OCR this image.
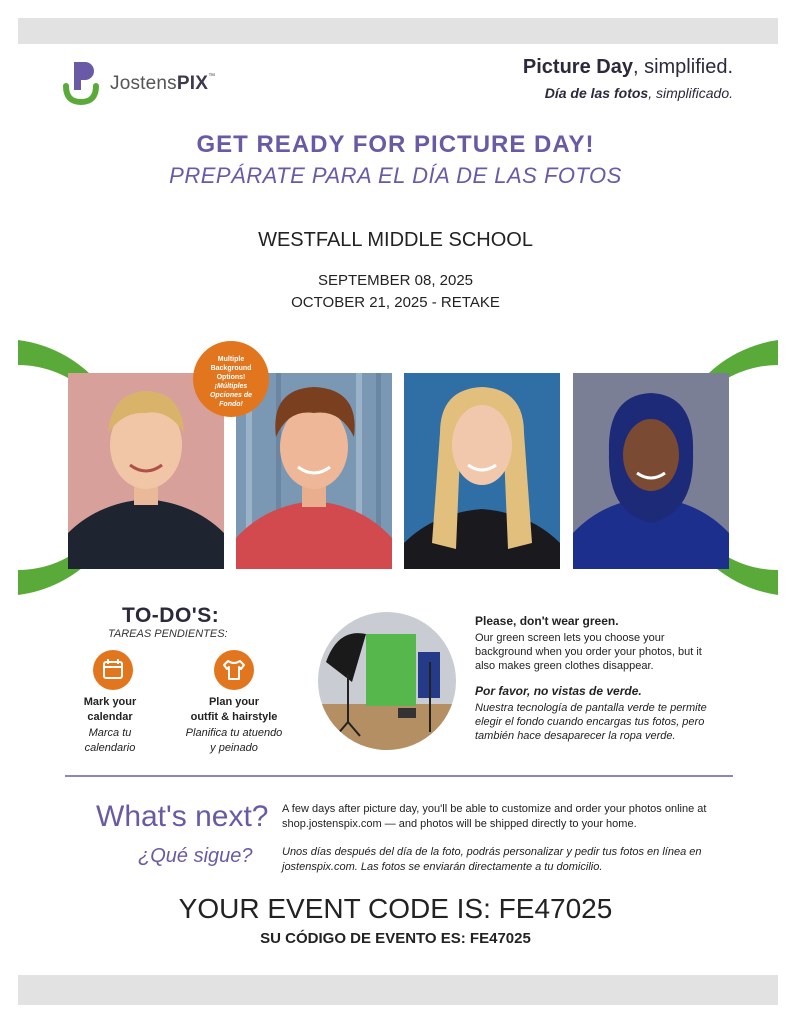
JostensPIX™	Picture Day, simplified.
Día de las fotos, simplificado.
GET READY FOR PICTURE DAY!
PREPÁRATE PARA EL DÍA DE LAS FOTOS
WESTFALL MIDDLE SCHOOL
SEPTEMBER 08, 2025
OCTOBER 21, 2025 - RETAKE
Multiple Background Options!
¡Múltiples Opciones de Fondo!
TO-DO'S:
TAREAS PENDIENTES:
Mark your
calendar
Marca tu
calendario
Plan your
outfit & hairstyle
Planifica tu atuendo
y peinado
Please, don't wear green.
Our green screen lets you choose your background when you order your photos, but it also makes green clothes disappear.
Por favor, no vistas de verde.
Nuestra tecnología de pantalla verde te permite elegir el fondo cuando encargas tus fotos, pero también hace desaparecer la ropa verde.
What's next?
¿Qué sigue?
A few days after picture day, you'll be able to customize and order your photos online at shop.jostenspix.com — and photos will be shipped directly to your home.
Unos días después del día de la foto, podrás personalizar y pedir tus fotos en línea en jostenspix.com. Las fotos se enviarán directamente a tu domicilio.
YOUR EVENT CODE IS: FE47025
SU CÓDIGO DE EVENTO ES: FE47025
